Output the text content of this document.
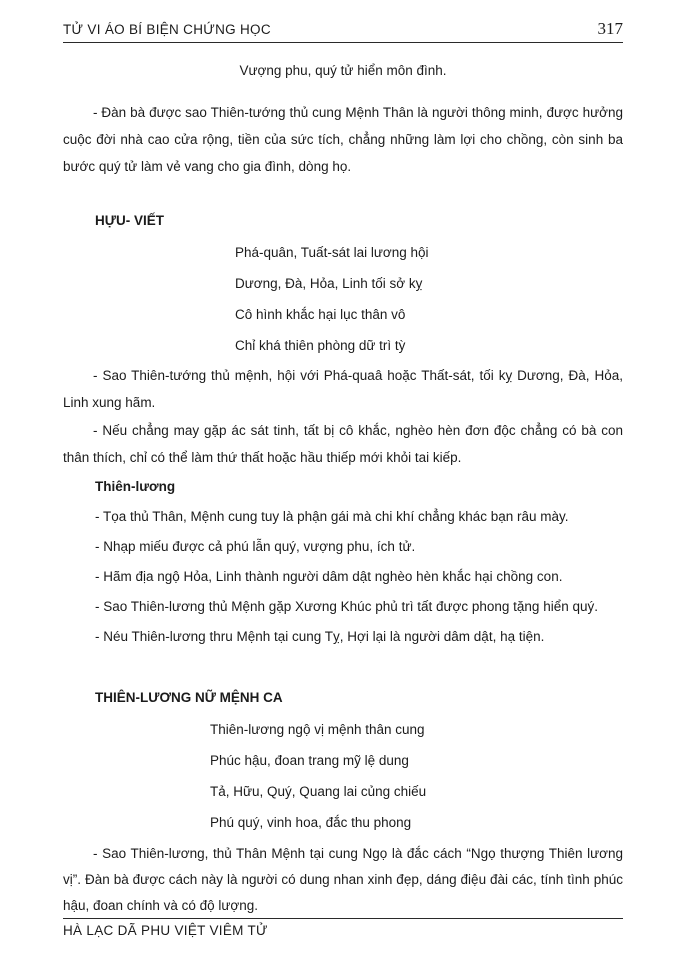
TỬ VI ÁO BÍ BIỆN CHỨNG HỌC	317

Vượng phu, quý tử hiển môn đình.

- Đàn bà được sao Thiên-tướng thủ cung Mệnh Thân là người thông minh, được hưởng cuộc đời nhà cao cửa rộng, tiền của sức tích, chẳng những làm lợi cho chồng, còn sinh ba bước quý tử làm vẻ vang cho gia đình, dòng họ.

HỰU- VIẾT

Phá-quân, Tuất-sát lai lương hội

Dương, Đà, Hỏa, Linh tối sở kỵ

Cô hình khắc hại lục thân vô

Chỉ khá thiên phòng dữ trì tỳ

- Sao Thiên-tướng thủ mệnh, hội với Phá-quaâ hoặc Thất-sát, tối kỵ Dương, Đà, Hỏa, Linh xung hãm.

- Nếu chẳng may gặp ác sát tinh, tất bị cô khắc, nghèo hèn đơn độc chẳng có bà con thân thích, chỉ có thể làm thứ thất hoặc hầu thiếp mới khỏi tai kiếp.

Thiên-lương

- Tọa thủ Thân, Mệnh cung tuy là phận gái mà chi khí chẳng khác bạn râu mày.

- Nhạp miếu được cả phú lẫn quý, vượng phu, ích tử.

- Hãm địa ngộ Hỏa, Linh thành người dâm dật nghèo hèn khắc hại chồng con.

- Sao Thiên-lương thủ Mệnh gặp Xương Khúc phủ trì tất được phong tặng hiển quý.

- Néu Thiên-lương thru Mệnh tại cung Tỵ, Hợi lại là người dâm dật, hạ tiện.

THIÊN-LƯƠNG NỮ MỆNH CA

Thiên-lương ngộ vị mệnh thân cung

Phúc hậu, đoan trang mỹ lệ dung

Tả, Hữu, Quý, Quang lai củng chiếu

Phú quý, vinh hoa, đắc thu phong

- Sao Thiên-lương, thủ Thân Mệnh tại cung Ngọ là đắc cách “Ngọ thượng Thiên lương vị”. Đàn bà được cách này là người có dung nhan xinh đẹp, dáng điệu đài các, tính tình phúc hậu, đoan chính và có độ lượng.

HÀ LẠC DÃ PHU VIỆT VIÊM TỬ
